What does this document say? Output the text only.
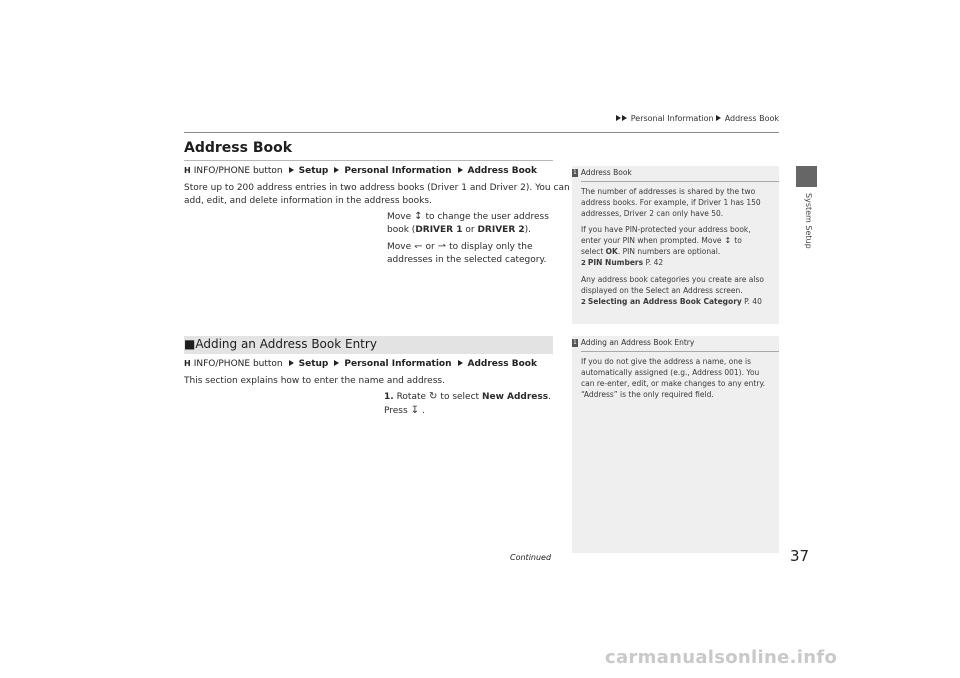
Personal Information Address Book
System Setup
Address Book
H INFO/PHONE button Setup Personal Information Address Book
Store up to 200 address entries in two address books (Driver 1 and Driver 2). You can
add, edit, and delete information in the address books.
Move ↕ to change the user address
book (DRIVER 1 or DRIVER 2).
Move ↽ or ⇀ to display only the
addresses in the selected category.
■Adding an Address Book Entry
H INFO/PHONE button Setup Personal Information Address Book
This section explains how to enter the name and address.
1. Rotate ↻ to select New Address.
Press ↧ .
1 Address Book
The number of addresses is shared by the two
address books. For example, if Driver 1 has 150
addresses, Driver 2 can only have 50.
If you have PIN-protected your address book,
enter your PIN when prompted. Move ↕ to
select OK. PIN numbers are optional.
2 PIN Numbers P. 42
Any address book categories you create are also
displayed on the Select an Address screen.
2 Selecting an Address Book Category P. 40
1 Adding an Address Book Entry
If you do not give the address a name, one is
automatically assigned (e.g., Address 001). You
can re-enter, edit, or make changes to any entry.
“Address” is the only required field.
Continued	37
carmanualsonline.info
